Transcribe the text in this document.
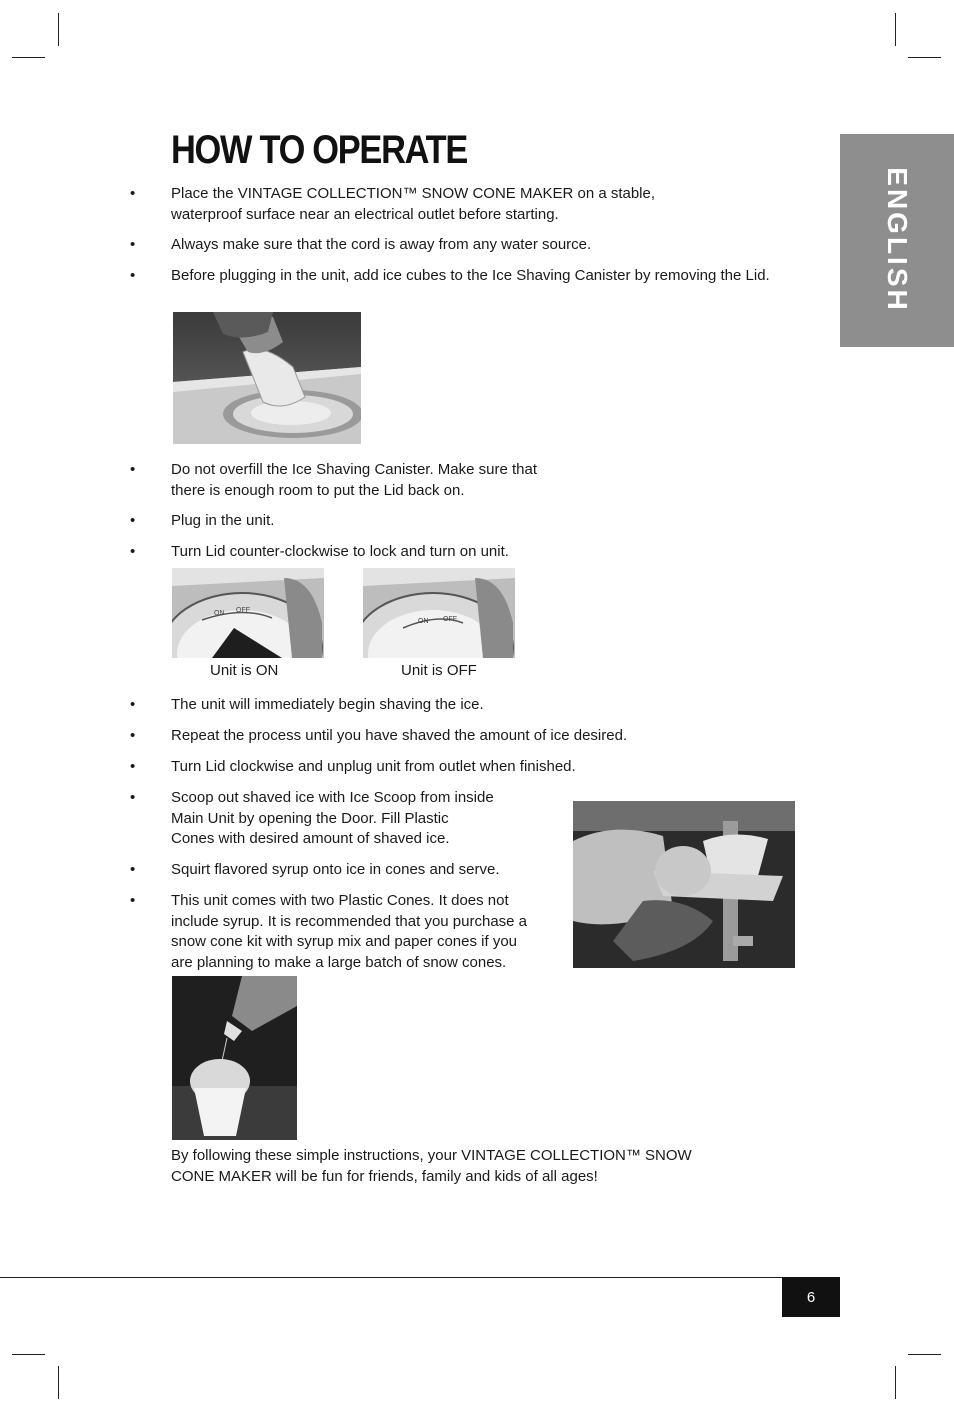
HOW TO OPERATE
ENGLISH
• Place the VINTAGE COLLECTION™ SNOW CONE MAKER on a stable,
waterproof surface near an electrical outlet before starting.

• Always make sure that the cord is away from any water source.

• Before plugging in the unit, add ice cubes to the Ice Shaving Canister by removing the Lid.

• Do not overfill the Ice Shaving Canister. Make sure that
there is enough room to put the Lid back on.

• Plug in the unit.

• Turn Lid counter-clockwise to lock and turn on unit.

ON OFF
ON OFF
Unit is ON	Unit is OFF
• The unit will immediately begin shaving the ice.

• Repeat the process until you have shaved the amount of ice desired.

• Turn Lid clockwise and unplug unit from outlet when finished.

• Scoop out shaved ice with Ice Scoop from inside
Main Unit by opening the Door. Fill Plastic
Cones with desired amount of shaved ice.

• Squirt flavored syrup onto ice in cones and serve.

• This unit comes with two Plastic Cones. It does not
include syrup. It is recommended that you purchase a
snow cone kit with syrup mix and paper cones if you
are planning to make a large batch of snow cones.

By following these simple instructions, your VINTAGE COLLECTION™ SNOW
CONE MAKER will be fun for friends, family and kids of all ages!

6
